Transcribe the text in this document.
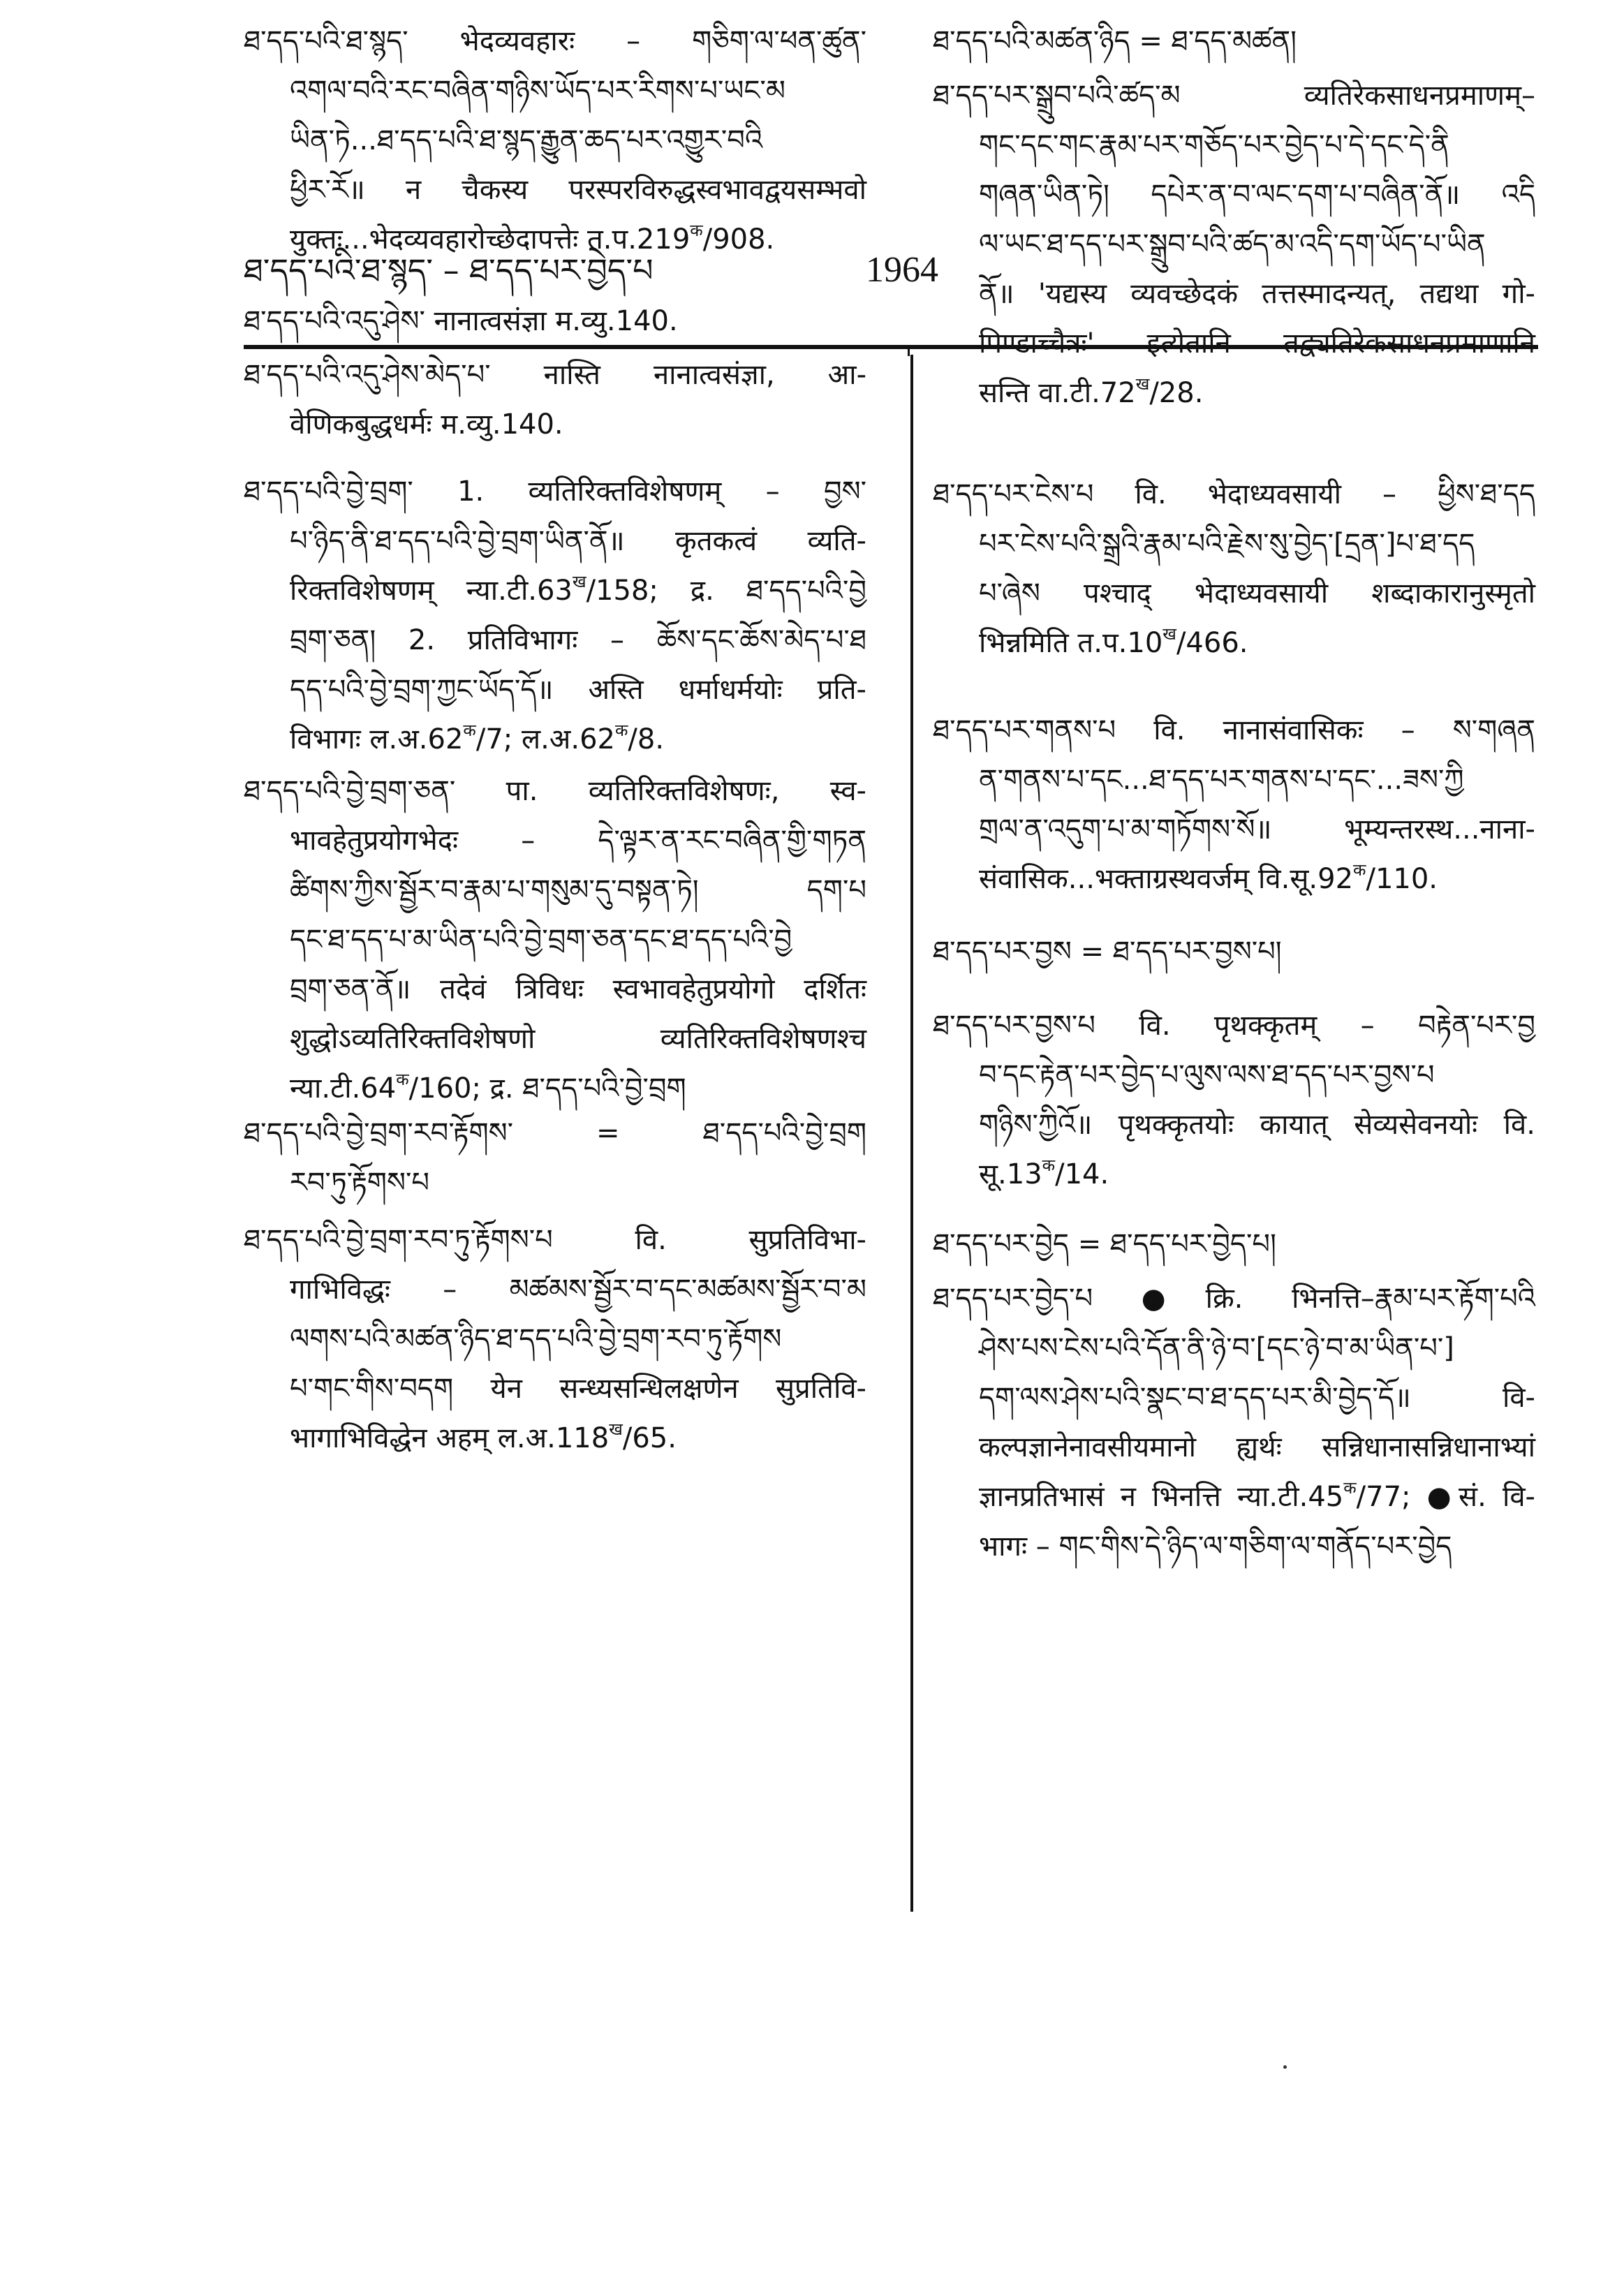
ཐ་དད་པའི་ཐ་སྙད་ – ཐ་དད་པར་བྱེད་པ	1964
ཐ་དད་པའི་ཐ་སྙད་ भेदव्यवहारः – གཅིག་ལ་ཕན་ཚུན་
འགལ་བའི་རང་བཞིན་གཉིས་ཡོད་པར་རིགས་པ་ཡང་མ
ཡིན་ཏེ...ཐ་དད་པའི་ཐ་སྙད་རྒྱུན་ཆད་པར་འགྱུར་བའི
ཕྱིར་རོ॥ न चैकस्य परस्परविरुद्धस्वभावद्वयसम्भवो
युक्तः...भेदव्यवहारोच्छेदापत्तेः $त.प.219^क/908$.
ཐ་དད་པའི་འདུ་ཤེས་ नानात्वसंज्ञा म.व्यु.140.
ཐ་དད་པའི་འདུ་ཤེས་མེད་པ་ नास्ति नानात्वसंज्ञा, आ-
वेणिकबुद्धधर्मः म.व्यु.140.
ཐ་དད་པའི་བྱེ་བྲག་ 1. व्यतिरिक्तविशेषणम् – བྱས་
པ་ཉིད་ནི་ཐ་དད་པའི་བྱེ་བྲག་ཡིན་ནོ॥ कृतकत्वं व्यति-
रिक्तविशेषणम् $न्या.टी.63^ख/158$; द्र. ཐ་དད་པའི་བྱེ
བྲག་ཅན། 2. प्रतिविभागः – ཆོས་དང་ཆོས་མེད་པ་ཐ
དད་པའི་བྱེ་བྲག་ཀྱང་ཡོད་དོ॥ अस्ति धर्माधर्मयोः प्रति-
विभागः $ल.अ.62^क/7$; $ल.अ.62^क/8$.
ཐ་དད་པའི་བྱེ་བྲག་ཅན་ पा. व्यतिरिक्तविशेषणः, स्व-
भावहेतुप्रयोगभेदः – དེ་ལྟར་ན་རང་བཞིན་གྱི་གཏན
ཚིགས་ཀྱིས་སྦྱོར་བ་རྣམ་པ་གསུམ་དུ་བསྟན་ཏེ། དག་པ
དང་ཐ་དད་པ་མ་ཡིན་པའི་བྱེ་བྲག་ཅན་དང་ཐ་དད་པའི་བྱེ
བྲག་ཅན་ནོ॥ तदेवं त्रिविधः स्वभावहेतुप्रयोगो दर्शितः
शुद्धोऽव्यतिरिक्तविशेषणो व्यतिरिक्तविशेषणश्च
$न्या.टी.64^क/160$; द्र. ཐ་དད་པའི་བྱེ་བྲག
ཐ་དད་པའི་བྱེ་བྲག་རབ་རྟོགས་ = ཐ་དད་པའི་བྱེ་བྲག
རབ་ཏུ་རྟོགས་པ
ཐ་དད་པའི་བྱེ་བྲག་རབ་ཏུ་རྟོགས་པ वि. सुप्रतिविभा-
गाभिविद्धः – མཚམས་སྦྱོར་བ་དང་མཚམས་སྦྱོར་བ་མ
ལགས་པའི་མཚན་ཉིད་ཐ་དད་པའི་བྱེ་བྲག་རབ་ཏུ་རྟོགས
པ་གང་གིས་བདག येन सन्ध्यसन्धिलक्षणेन सुप्रतिवि-
भागाभिविद्धेन अहम् $ल.अ.118^ख/65$.
ཐ་དད་པའི་མཚན་ཉིད = ཐ་དད་མཚན།
ཐ་དད་པར་སྒྲུབ་པའི་ཚད་མ व्यतिरेकसाधनप्रमाणम्–
གང་དང་གང་རྣམ་པར་གཅོད་པར་བྱེད་པ་དེ་དང་དེ་ནི
གཞན་ཡིན་ཏེ། དཔེར་ན་བ་ལང་དག་པ་བཞིན་ནོ॥ འདི
ལ་ཡང་ཐ་དད་པར་སྒྲུབ་པའི་ཚད་མ་འདི་དག་ཡོད་པ་ཡིན
ནོ॥ 'यद्यस्य व्यवच्छेदकं तत्तस्मादन्यत्, तद्यथा गो-
पिण्डाच्चैत्रः' इत्येतानि तद्व्यतिरेकसाधनप्रमाणानि
सन्ति $वा.टी.72^ख/28$.
ཐ་དད་པར་ངེས་པ वि. भेदाध्यवसायी – ཕྱིས་ཐ་དད
པར་ངེས་པའི་སྒྲའི་རྣམ་པའི་རྗེས་སུ་བྱེད་[དྲན་]པ་ཐ་དད
པ་ཞེས पश्चाद् भेदाध्यवसायी शब्दाकारानुस्मृतो
भिन्नमिति $त.प.10^ख/466$.
ཐ་དད་པར་གནས་པ वि. नानासंवासिकः – ས་གཞན
ན་གནས་པ་དང...ཐ་དད་པར་གནས་པ་དང་...ཟས་ཀྱི
གྲལ་ན་འདུག་པ་མ་གཏོགས་སོ॥ भूम्यन्तरस्थ...नाना-
संवासिक...भक्ताग्रस्थवर्जम् $वि.सू.92^क/110$.
ཐ་དད་པར་བྱས = ཐ་དད་པར་བྱས་པ།
ཐ་དད་པར་བྱས་པ वि. पृथक्कृतम् – བརྟེན་པར་བྱ
བ་དང་རྟེན་པར་བྱེད་པ་ལུས་ལས་ཐ་དད་པར་བྱས་པ
གཉིས་ཀྱིའོ॥ पृथक्कृतयोः कायात् सेव्यसेवनयोः वि.
$सू.13^क/14$.
ཐ་དད་པར་བྱེད = ཐ་དད་པར་བྱེད་པ།
ཐ་དད་པར་བྱེད་པ ●क्रि. भिनत्ति–རྣམ་པར་རྟོག་པའི
ཤེས་པས་ངེས་པའི་དོན་ནི་ཉེ་བ་[དང་ཉེ་བ་མ་ཡིན་པ་]
དག་ལས་ཤེས་པའི་སྣང་བ་ཐ་དད་པར་མི་བྱེད་དོ॥ वि-
कल्पज्ञानेनावसीयमानो ह्यर्थः सन्निधानासन्निधानाभ्यां
ज्ञानप्रतिभासं न भिनत्ति $न्या.टी.45^क/77$; ●सं. वि-
भागः – གང་གིས་དེ་ཉིད་ལ་གཅིག་ལ་གནོད་པར་བྱེད
